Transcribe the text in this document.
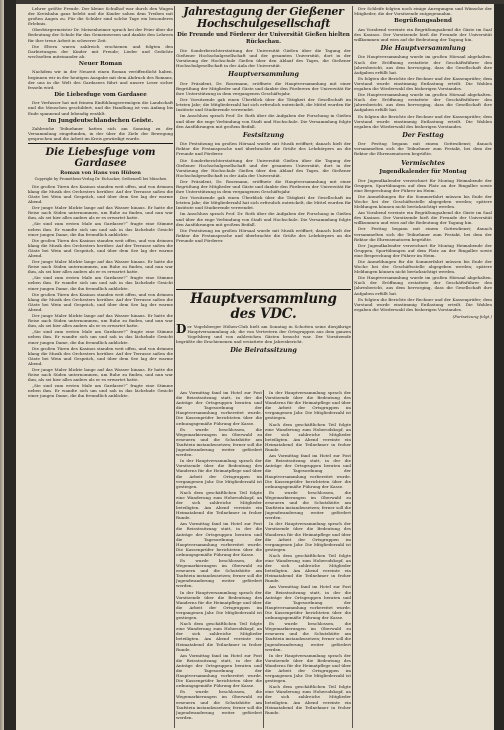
Lehrer größte Freude. Der kleine Schulhof war durch den Wagen der Kreisbahn ganz belebt und die Kinder sahen dem Treiben mit großen Augen zu. Für die Schüler sind solche Tage ein besonderes Erlebnis.

Oberbürgermeister Dr. Meisenheimer sprach bei der Feier über die Bedeutung der Schule für das Gemeinwesen und dankte den Lehrern für ihre treue Arbeit in schwerer Zeit.

Die Eltern waren zahlreich erschienen und folgten den Darbietungen der Kinder mit Freude; Lieder und Gedichte wechselten miteinander ab.

Neuer Roman

Nachdem wir in der Neuzeit einen Roman veröffentlicht haben, beginnen wir in der heutigen Ausgabe mit dem Abdruck des Romans, der uns in die Welt des Gardasees führt und unsere Leser sicher fesseln wird.

Die Liebesfuge vom Gardasee

Der Verfasser hat mit feinem Einfühlungsvermögen die Landschaft und die Menschen geschildert, und die Handlung ist von Anfang bis Ende spannend und lebendig erzählt.

Im Jungdeutschlandschen Geiste.

Zahlreiche Teilnehmer hatten sich am Sonntag zu der Versammlung eingefunden, in der über die Ziele der Bewegung gesprochen und die Arbeit im Kreis gewürdigt wurde.

Die Liebesfuge vom Gardasee
Roman von Hans von Hülsen
Copyright by Prometheus-Verlag Dr. Eichacker, Gröbenzell bei München

Die großen Türen des Kasinos standen weit offen, und von drinnen klang die Musik des Orchesters herüber. Auf der Terrasse saßen die Gäste bei Wein und Gespräch, und über dem See lag der warme Abend.

Der junge Maler blickte lange auf das Wasser hinaus. Er hatte die Reise nach Süden unternommen, um Ruhe zu finden, und nun war ihm, als sei hier alles anders als er es erwartet hatte.

„Sie sind zum ersten Male am Gardasee?“ fragte eine Stimme neben ihm. Er wandte sich um und sah in das lächelnde Gesicht einer jungen Dame, die ihn freundlich anblickte.

Die großen Türen des Kasinos standen weit offen, und von drinnen klang die Musik des Orchesters herüber. Auf der Terrasse saßen die Gäste bei Wein und Gespräch, und über dem See lag der warme Abend.

Der junge Maler blickte lange auf das Wasser hinaus. Er hatte die Reise nach Süden unternommen, um Ruhe zu finden, und nun war ihm, als sei hier alles anders als er es erwartet hatte.

„Sie sind zum ersten Male am Gardasee?“ fragte eine Stimme neben ihm. Er wandte sich um und sah in das lächelnde Gesicht einer jungen Dame, die ihn freundlich anblickte.

Die großen Türen des Kasinos standen weit offen, und von drinnen klang die Musik des Orchesters herüber. Auf der Terrasse saßen die Gäste bei Wein und Gespräch, und über dem See lag der warme Abend.

Der junge Maler blickte lange auf das Wasser hinaus. Er hatte die Reise nach Süden unternommen, um Ruhe zu finden, und nun war ihm, als sei hier alles anders als er es erwartet hatte.

„Sie sind zum ersten Male am Gardasee?“ fragte eine Stimme neben ihm. Er wandte sich um und sah in das lächelnde Gesicht einer jungen Dame, die ihn freundlich anblickte.

Die großen Türen des Kasinos standen weit offen, und von drinnen klang die Musik des Orchesters herüber. Auf der Terrasse saßen die Gäste bei Wein und Gespräch, und über dem See lag der warme Abend.

Der junge Maler blickte lange auf das Wasser hinaus. Er hatte die Reise nach Süden unternommen, um Ruhe zu finden, und nun war ihm, als sei hier alles anders als er es erwartet hatte.

„Sie sind zum ersten Male am Gardasee?“ fragte eine Stimme neben ihm. Er wandte sich um und sah in das lächelnde Gesicht einer jungen Dame, die ihn freundlich anblickte.

Jahrestagung der Gießener Hochschulgesellschaft
Die Freunde und Förderer der Universität Gießen hielten Rückschau.

Die Sonderberichterstattung der Universität Gießen über die Tagung der Gießener Hochschulgesellschaft und der gesamten Universität, dort in der Vorsitzung der Hochschule Gießen über den Ablauf des Tages, die Gießener Hochschulgesellschaft in der Aula der Universität.

Hauptversammlung

Der Präsident, Dr. Rosemann, eröffnete die Hauptversammlung mit einer Begrüßung der Mitglieder und Gäste und dankte den Förderern der Universität für ihre Unterstützung in dem vergangenen Geschäftsjahr.

Der Vorsitzende gab einen Überblick über die Tätigkeit der Gesellschaft im letzten Jahr; die Mitgliederzahl hat sich erfreulich entwickelt, die Mittel wurden für Institute und Studierende verwendet.

Im Anschluss sprach Prof. Dr. Roth über die Aufgaben der Forschung in Gießen und über die enge Verbindung von Stadt und Hochschule. Die Versammlung folgte den Ausführungen mit großem Beifall.

Festsitzung

Die Festsitzung im großen Hörsaal wurde mit Musik eröffnet; danach hielt der Rektor die Festansprache und überbrachte die Grüße des Lehrkörpers an die Freunde und Förderer.

Die Sonderberichterstattung der Universität Gießen über die Tagung der Gießener Hochschulgesellschaft und der gesamten Universität, dort in der Vorsitzung der Hochschule Gießen über den Ablauf des Tages, die Gießener Hochschulgesellschaft in der Aula der Universität.

Der Präsident, Dr. Rosemann, eröffnete die Hauptversammlung mit einer Begrüßung der Mitglieder und Gäste und dankte den Förderern der Universität für ihre Unterstützung in dem vergangenen Geschäftsjahr.

Der Vorsitzende gab einen Überblick über die Tätigkeit der Gesellschaft im letzten Jahr; die Mitgliederzahl hat sich erfreulich entwickelt, die Mittel wurden für Institute und Studierende verwendet.

Im Anschluss sprach Prof. Dr. Roth über die Aufgaben der Forschung in Gießen und über die enge Verbindung von Stadt und Hochschule. Die Versammlung folgte den Ausführungen mit großem Beifall.

Die Festsitzung im großen Hörsaal wurde mit Musik eröffnet; danach hielt der Rektor die Festansprache und überbrachte die Grüße des Lehrkörpers an die Freunde und Förderer.

Hauptversammlung des VDC.
Der Vogelsberger Höhen-Club hielt am Sonntag in Schotten seine diesjährige Hauptversammlung ab, die von Vertretern der Ortsgruppen aus dem ganzen Vogelsberg und von zahlreichen Gästen besucht war. Der Vorsitzende begrüßte die Erschienenen und erstattete den Jahresbericht.
Die Beiratssitzung

Am Vormittag fand im Hotel zur Post die Beiratssitzung statt, in der die Anträge der Ortsgruppen beraten und die Tagesordnung der Hauptversammlung vorbereitet wurde. Die Kassenprüfer berichteten über die ordnungsgemäße Führung der Kasse.

Es wurde beschlossen, die Wegemarkierungen im Oberwald zu erneuern und die Schutzhütte am Taufstein instandzusetzen; ferner soll die Jugendwanderung weiter gefördert werden.

In der Hauptversammlung sprach der Vorsitzende über die Bedeutung des Wanderns für die Heimatpflege und über die Arbeit der Ortsgruppen im vergangenen Jahr. Die Mitgliederzahl ist gestiegen.

Nach dem geschäftlichen Teil folgte eine Wanderung zum Hoherodskopf, an der sich zahlreiche Mitglieder beteiligten. Am Abend vereinte ein Heimatabend die Teilnehmer in froher Runde.

Am Vormittag fand im Hotel zur Post die Beiratssitzung statt, in der die Anträge der Ortsgruppen beraten und die Tagesordnung der Hauptversammlung vorbereitet wurde. Die Kassenprüfer berichteten über die ordnungsgemäße Führung der Kasse.

Es wurde beschlossen, die Wegemarkierungen im Oberwald zu erneuern und die Schutzhütte am Taufstein instandzusetzen; ferner soll die Jugendwanderung weiter gefördert werden.

In der Hauptversammlung sprach der Vorsitzende über die Bedeutung des Wanderns für die Heimatpflege und über die Arbeit der Ortsgruppen im vergangenen Jahr. Die Mitgliederzahl ist gestiegen.

Nach dem geschäftlichen Teil folgte eine Wanderung zum Hoherodskopf, an der sich zahlreiche Mitglieder beteiligten. Am Abend vereinte ein Heimatabend die Teilnehmer in froher Runde.

Am Vormittag fand im Hotel zur Post die Beiratssitzung statt, in der die Anträge der Ortsgruppen beraten und die Tagesordnung der Hauptversammlung vorbereitet wurde. Die Kassenprüfer berichteten über die ordnungsgemäße Führung der Kasse.

Es wurde beschlossen, die Wegemarkierungen im Oberwald zu erneuern und die Schutzhütte am Taufstein instandzusetzen; ferner soll die Jugendwanderung weiter gefördert werden.

In der Hauptversammlung sprach der Vorsitzende über die Bedeutung des Wanderns für die Heimatpflege und über die Arbeit der Ortsgruppen im vergangenen Jahr. Die Mitgliederzahl ist gestiegen.

Nach dem geschäftlichen Teil folgte eine Wanderung zum Hoherodskopf, an der sich zahlreiche Mitglieder beteiligten. Am Abend vereinte ein Heimatabend die Teilnehmer in froher Runde.

Am Vormittag fand im Hotel zur Post die Beiratssitzung statt, in der die Anträge der Ortsgruppen beraten und die Tagesordnung der Hauptversammlung vorbereitet wurde. Die Kassenprüfer berichteten über die ordnungsgemäße Führung der Kasse.

Es wurde beschlossen, die Wegemarkierungen im Oberwald zu erneuern und die Schutzhütte am Taufstein instandzusetzen; ferner soll die Jugendwanderung weiter gefördert werden.

In der Hauptversammlung sprach der Vorsitzende über die Bedeutung des Wanderns für die Heimatpflege und über die Arbeit der Ortsgruppen im vergangenen Jahr. Die Mitgliederzahl ist gestiegen.

Nach dem geschäftlichen Teil folgte eine Wanderung zum Hoherodskopf, an der sich zahlreiche Mitglieder beteiligten. Am Abend vereinte ein Heimatabend die Teilnehmer in froher Runde.

Am Vormittag fand im Hotel zur Post die Beiratssitzung statt, in der die Anträge der Ortsgruppen beraten und die Tagesordnung der Hauptversammlung vorbereitet wurde. Die Kassenprüfer berichteten über die ordnungsgemäße Führung der Kasse.

Es wurde beschlossen, die Wegemarkierungen im Oberwald zu erneuern und die Schutzhütte am Taufstein instandzusetzen; ferner soll die Jugendwanderung weiter gefördert werden.

In der Hauptversammlung sprach der Vorsitzende über die Bedeutung des Wanderns für die Heimatpflege und über die Arbeit der Ortsgruppen im vergangenen Jahr. Die Mitgliederzahl ist gestiegen.

Nach dem geschäftlichen Teil folgte eine Wanderung zum Hoherodskopf, an der sich zahlreiche Mitglieder beteiligten. Am Abend vereinte ein Heimatabend die Teilnehmer in froher Runde.

Der Schleife folgten noch einige Anregungen und Wünsche der Mitglieder, die der Vorsitzende entgegennahm.

Begrüßungsabend

Am Vorabend vereinte ein Begrüßungsabend die Gäste im Saal des Kasinos. Der Vorsitzende hieß die Freunde der Universität willkommen und wies auf die Bedeutung der Tagung hin.

Die Hauptversammlung

Die Hauptversammlung wurde im großen Hörsaal abgehalten. Nach der Eröffnung erstattete der Geschäftsführer den Jahresbericht, aus dem hervorging, dass die Gesellschaft ihre Aufgaben erfüllt hat.

Es folgten die Berichte der Rechner und der Kassenprüfer; dem Vorstand wurde einstimmig Entlastung erteilt. Die Wahlen ergaben die Wiederwahl des bisherigen Vorstandes.

Die Hauptversammlung wurde im großen Hörsaal abgehalten. Nach der Eröffnung erstattete der Geschäftsführer den Jahresbericht, aus dem hervorging, dass die Gesellschaft ihre Aufgaben erfüllt hat.

Es folgten die Berichte der Rechner und der Kassenprüfer; dem Vorstand wurde einstimmig Entlastung erteilt. Die Wahlen ergaben die Wiederwahl des bisherigen Vorstandes.

Der Festtag

Der Festtag begann mit einem Gottesdienst; danach versammelten sich die Teilnehmer zum Festakt, bei dem der Rektor die Ehrensenatoren begrüßte.

Vermischtes
Jugendkalender für Montag

Der Jugendkalender verzeichnet für Montag Heimabende der Gruppen, Sportübungen auf dem Platz an der Ringallee sowie eine Besprechung der Führer im Heim.

Die Anmeldungen für die Sommerfahrt müssen bis Ende der Woche bei der Geschäftsstelle abgegeben werden; spätere Meldungen können nicht berücksichtigt werden.

Am Vorabend vereinte ein Begrüßungsabend die Gäste im Saal des Kasinos. Der Vorsitzende hieß die Freunde der Universität willkommen und wies auf die Bedeutung der Tagung hin.

Der Festtag begann mit einem Gottesdienst; danach versammelten sich die Teilnehmer zum Festakt, bei dem der Rektor die Ehrensenatoren begrüßte.

Der Jugendkalender verzeichnet für Montag Heimabende der Gruppen, Sportübungen auf dem Platz an der Ringallee sowie eine Besprechung der Führer im Heim.

Die Anmeldungen für die Sommerfahrt müssen bis Ende der Woche bei der Geschäftsstelle abgegeben werden; spätere Meldungen können nicht berücksichtigt werden.

Die Hauptversammlung wurde im großen Hörsaal abgehalten. Nach der Eröffnung erstattete der Geschäftsführer den Jahresbericht, aus dem hervorging, dass die Gesellschaft ihre Aufgaben erfüllt hat.

Es folgten die Berichte der Rechner und der Kassenprüfer; dem Vorstand wurde einstimmig Entlastung erteilt. Die Wahlen ergaben die Wiederwahl des bisherigen Vorstandes.

(Fortsetzung folgt.)
